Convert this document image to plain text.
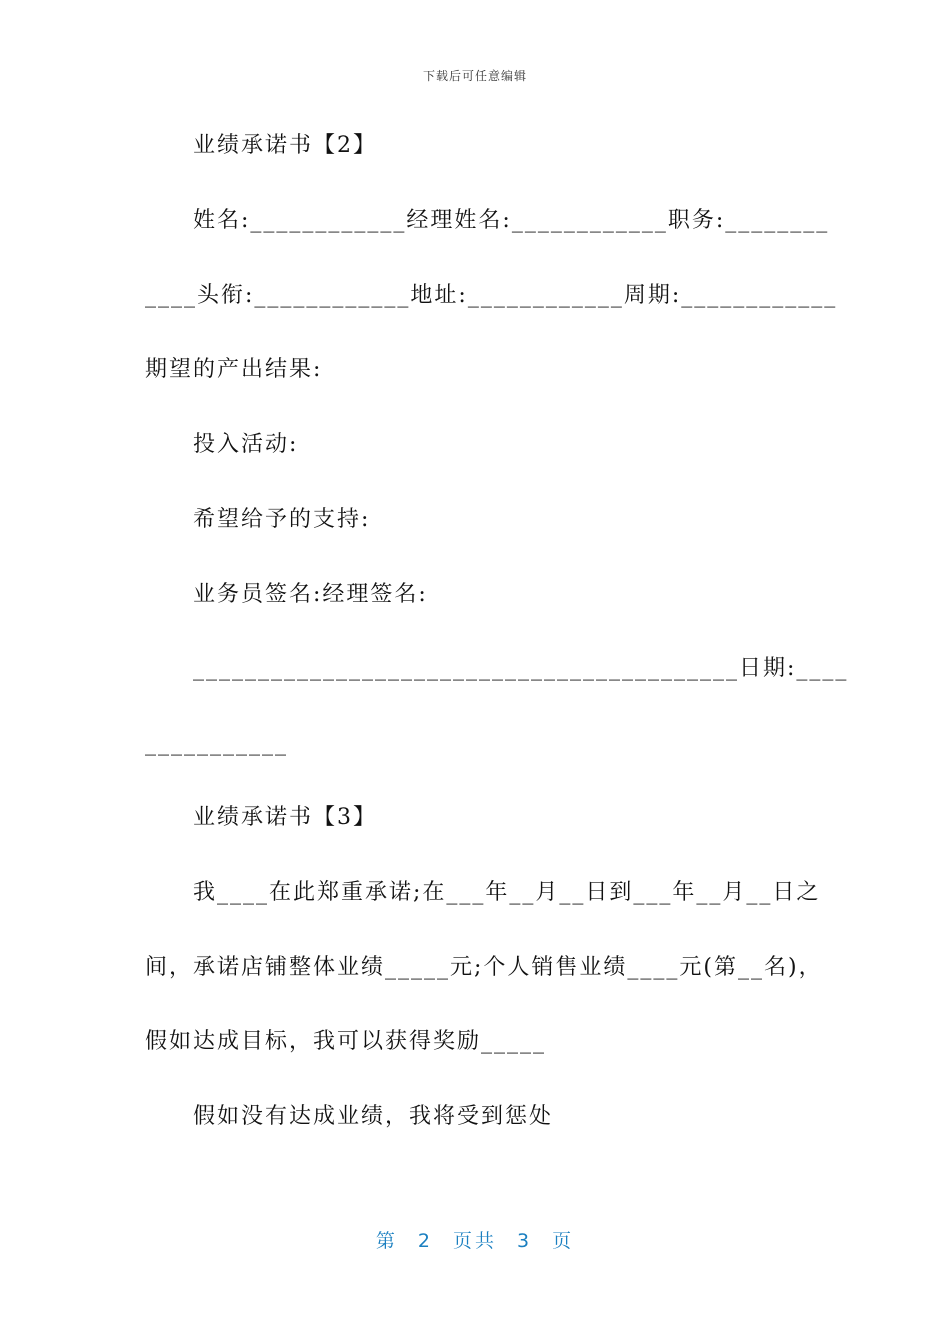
下载后可任意编辑
业绩承诺书【2】
姓名:____________经理姓名:____________职务:________
____头衔:____________地址:____________周期:____________
期望的产出结果:
投入活动:
希望给予的支持:
业务员签名:经理签名:
__________________________________________日期:____
___________
业绩承诺书【3】
我____在此郑重承诺;在___年__月__日到___年__月__日之
间，承诺店铺整体业绩_____元;个人销售业绩____元(第__名)，
假如达成目标，我可以获得奖励_____
假如没有达成业绩，我将受到惩处
第 2 页共 3 页
